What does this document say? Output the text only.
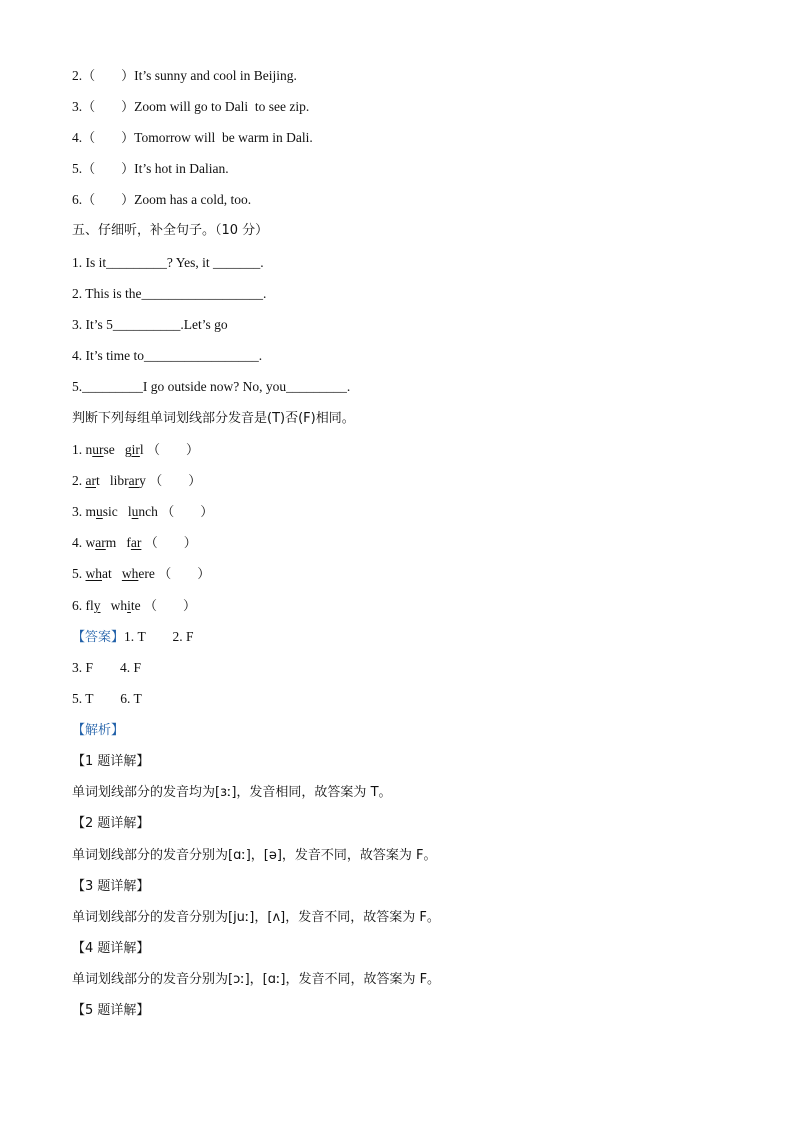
2.（　　）It’s sunny and cool in Beijing.
3.（　　）Zoom will go to Dali  to see zip.
4.（　　）Tomorrow will  be warm in Dali.
5.（　　）It’s hot in Dalian.
6.（　　）Zoom has a cold, too.
五、仔细听，补全句子。（10 分）
1. Is it_________? Yes, it _______.
2. This is the__________________.
3. It’s 5__________.Let’s go
4. It’s time to_________________.
5._________I go outside now? No, you_________.
判断下列每组单词划线部分发音是(T)否(F)相同。
1. nurse girl （　　）
2. art library （　　）
3. music lunch （　　）
4. warm far （　　）
5. what where （　　）
6. fly white （　　）
【答案】1. T        2. F
3. F        4. F
5. T        6. T
【解析】
【1 题详解】
单词划线部分的发音均为[ɜː]，发音相同，故答案为 T。
【2 题详解】
单词划线部分的发音分别为[ɑː]，[ə]，发音不同，故答案为 F。
【3 题详解】
单词划线部分的发音分别为[juː]，[ʌ]，发音不同，故答案为 F。
【4 题详解】
单词划线部分的发音分别为[ɔː]，[ɑː]，发音不同，故答案为 F。
【5 题详解】
